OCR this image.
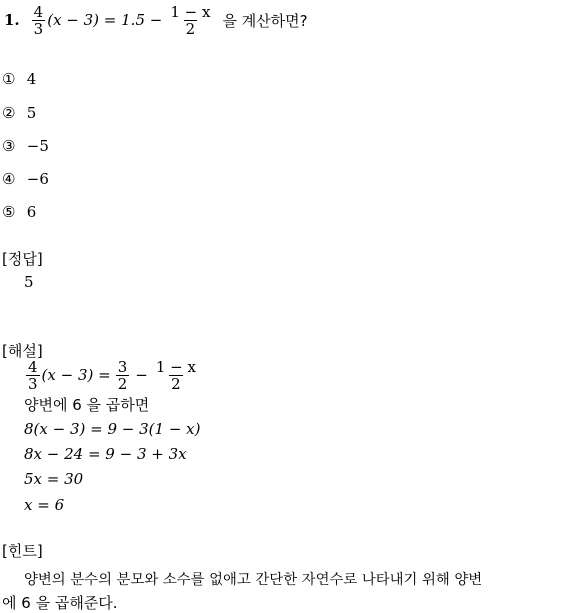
1. $\frac{4}{3} (x - 3) = 1.5 - \frac{1 - x}{2}$ 을 계산하면?
① 4
② 5
③ −5
④ −6
⑤ 6
[정답]
5
[해설]
$\frac{4}{3} (x - 3) = \frac{3}{2} - \frac{1 - x}{2}$
양변에 6 을 곱하면
8(x − 3) = 9 − 3(1 − x)
8x − 24 = 9 − 3 + 3x
5x = 30
x = 6
[힌트]
양변의 분수의 분모와 소수를 없애고 간단한 자연수로 나타내기 위해 양변
에 6 을 곱해준다.
